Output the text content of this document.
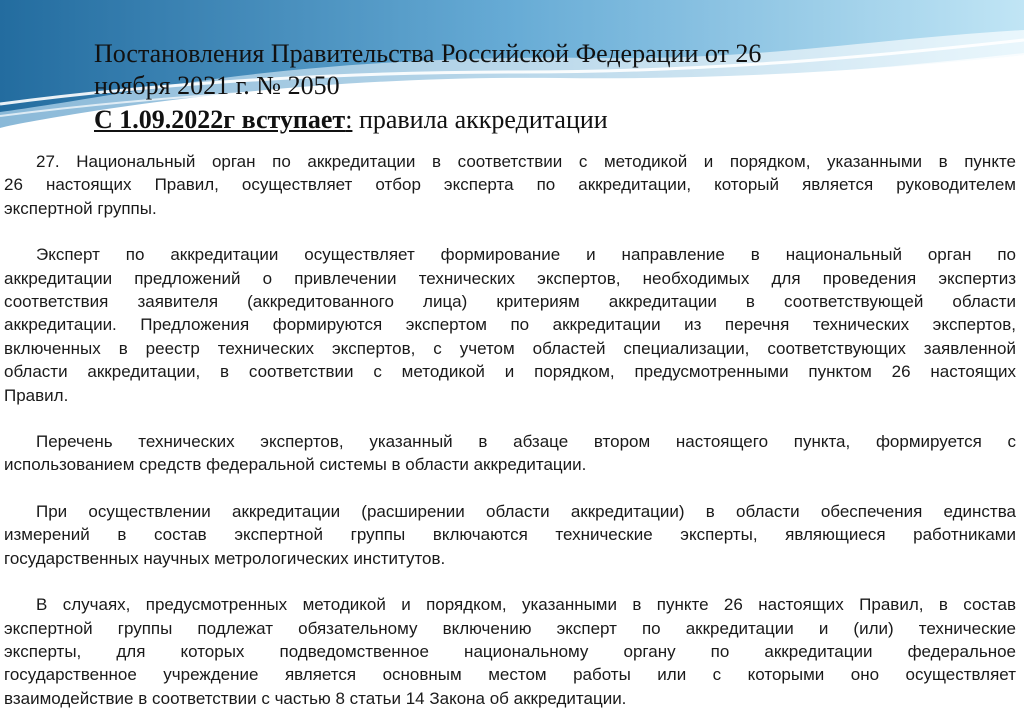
Постановления Правительства Российской Федерации от 26
ноября 2021 г. № 2050
С 1.09.2022г вступает: правила аккредитации
27. Национальный орган по аккредитации в соответствии с методикой и порядком, указанными в пункте
26 настоящих Правил, осуществляет отбор эксперта по аккредитации, который является руководителем
экспертной группы.
Эксперт по аккредитации осуществляет формирование и направление в национальный орган по
аккредитации предложений о привлечении технических экспертов, необходимых для проведения экспертиз
соответствия заявителя (аккредитованного лица) критериям аккредитации в соответствующей области
аккредитации. Предложения формируются экспертом по аккредитации из перечня технических экспертов,
включенных в реестр технических экспертов, с учетом областей специализации, соответствующих заявленной
области аккредитации, в соответствии с методикой и порядком, предусмотренными пунктом 26 настоящих
Правил.
Перечень технических экспертов, указанный в абзаце втором настоящего пункта, формируется с
использованием средств федеральной системы в области аккредитации.
При осуществлении аккредитации (расширении области аккредитации) в области обеспечения единства
измерений в состав экспертной группы включаются технические эксперты, являющиеся работниками
государственных научных метрологических институтов.
В случаях, предусмотренных методикой и порядком, указанными в пункте 26 настоящих Правил, в состав
экспертной группы подлежат обязательному включению эксперт по аккредитации и (или) технические
эксперты, для которых подведомственное национальному органу по аккредитации федеральное
государственное учреждение является основным местом работы или с которыми оно осуществляет
взаимодействие в соответствии с частью 8 статьи 14 Закона об аккредитации.
